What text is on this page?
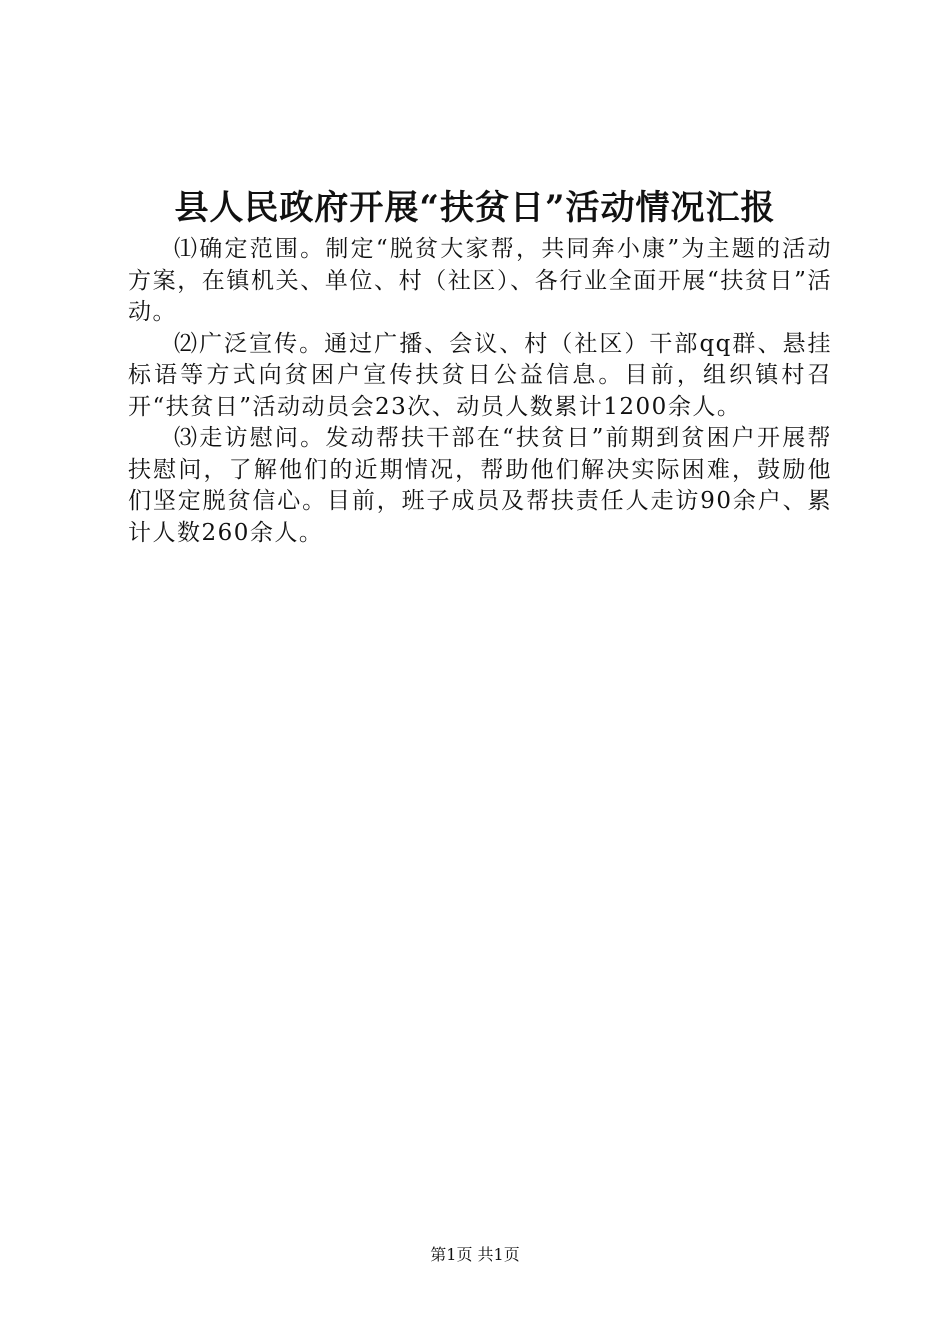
县人民政府开展“扶贫日”活动情况汇报

⑴确定范围。制定“脱贫大家帮，共同奔小康”为主题的活动方案，在镇机关、单位、村（社区）、各行业全面开展“扶贫日”活动。

⑵广泛宣传。通过广播、会议、村（社区）干部qq群、悬挂标语等方式向贫困户宣传扶贫日公益信息。目前，组织镇村召开“扶贫日”活动动员会23次、动员人数累计1200余人。

⑶走访慰问。发动帮扶干部在“扶贫日”前期到贫困户开展帮扶慰问，了解他们的近期情况，帮助他们解决实际困难，鼓励他们坚定脱贫信心。目前，班子成员及帮扶责任人走访90余户、累计人数260余人。

第1页 共1页
